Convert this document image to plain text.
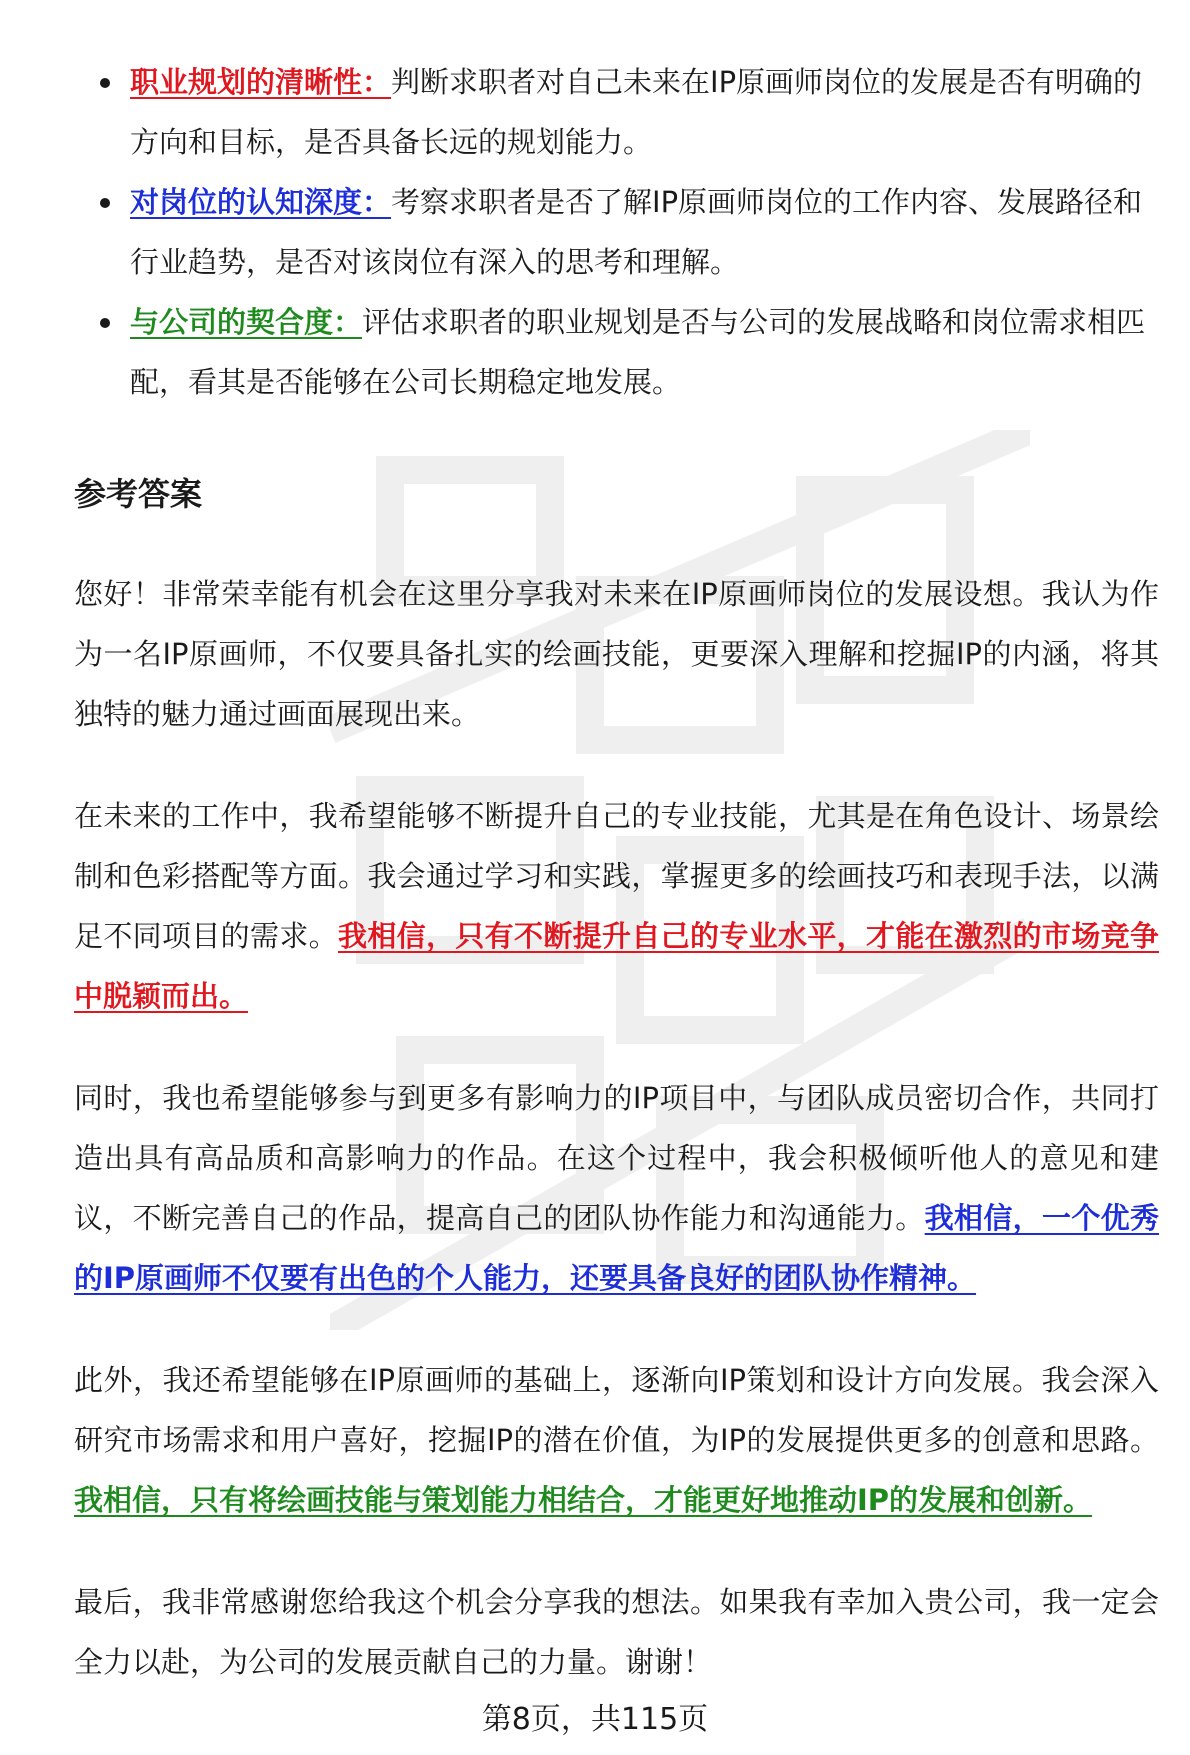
职业规划的清晰性：判断求职者对自己未来在IP原画师岗位的发展是否有明确的方向和目标，是否具备长远的规划能力。
对岗位的认知深度：考察求职者是否了解IP原画师岗位的工作内容、发展路径和行业趋势，是否对该岗位有深入的思考和理解。
与公司的契合度：评估求职者的职业规划是否与公司的发展战略和岗位需求相匹配，看其是否能够在公司长期稳定地发展。
参考答案

您好！非常荣幸能有机会在这里分享我对未来在IP原画师岗位的发展设想。我认为作为一名IP原画师，不仅要具备扎实的绘画技能，更要深入理解和挖掘IP的内涵，将其独特的魅力通过画面展现出来。

在未来的工作中，我希望能够不断提升自己的专业技能，尤其是在角色设计、场景绘制和色彩搭配等方面。我会通过学习和实践，掌握更多的绘画技巧和表现手法，以满足不同项目的需求。我相信，只有不断提升自己的专业水平，才能在激烈的市场竞争中脱颖而出。

同时，我也希望能够参与到更多有影响力的IP项目中，与团队成员密切合作，共同打造出具有高品质和高影响力的作品。在这个过程中，我会积极倾听他人的意见和建议，不断完善自己的作品，提高自己的团队协作能力和沟通能力。我相信，一个优秀的IP原画师不仅要有出色的个人能力，还要具备良好的团队协作精神。

此外，我还希望能够在IP原画师的基础上，逐渐向IP策划和设计方向发展。我会深入研究市场需求和用户喜好，挖掘IP的潜在价值，为IP的发展提供更多的创意和思路。我相信，只有将绘画技能与策划能力相结合，才能更好地推动IP的发展和创新。

最后，我非常感谢您给我这个机会分享我的想法。如果我有幸加入贵公司，我一定会全力以赴，为公司的发展贡献自己的力量。谢谢！

第8页，共115页
